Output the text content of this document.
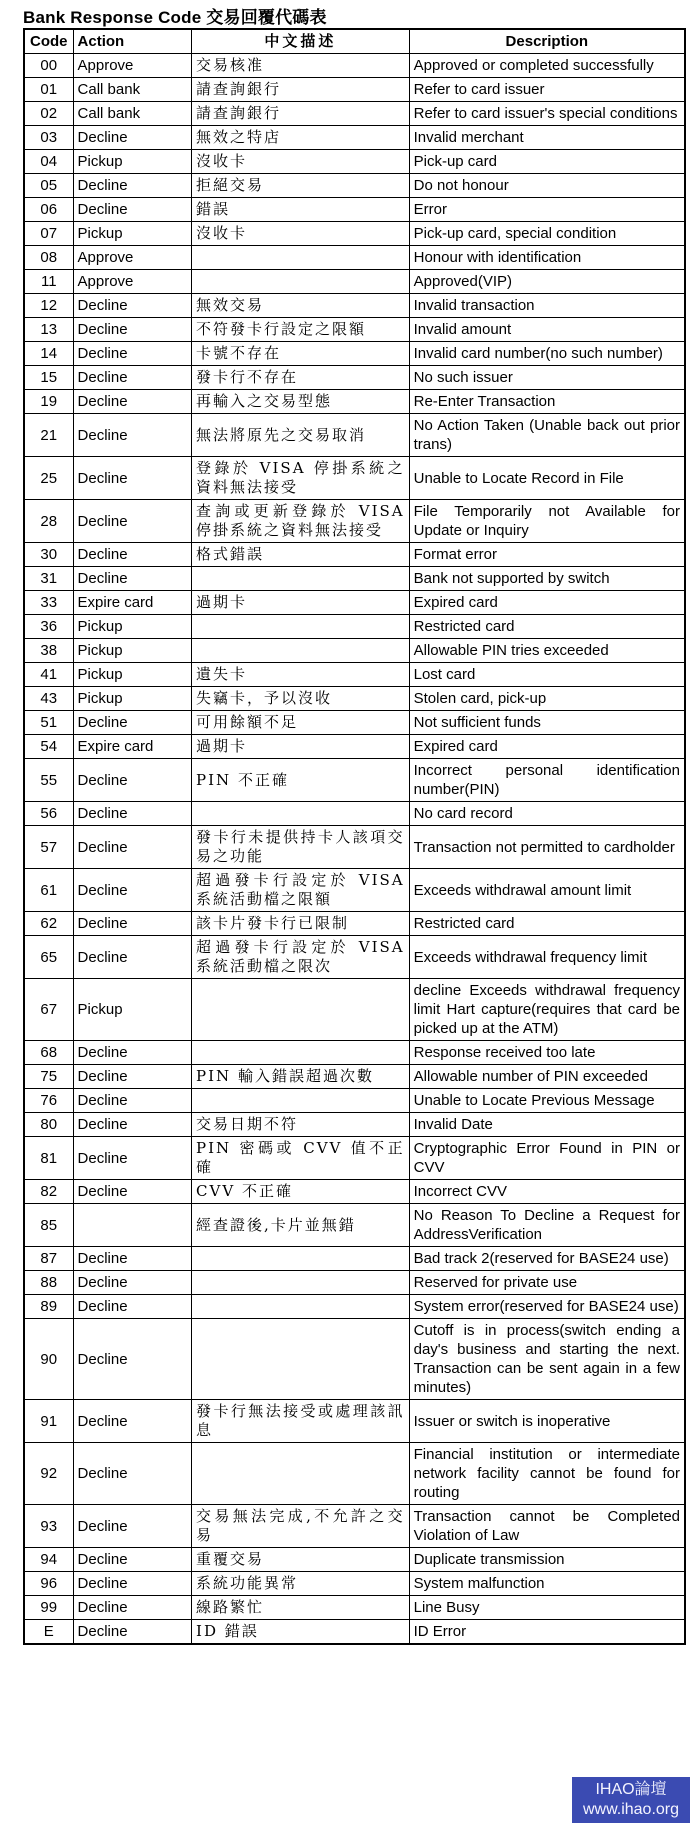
Bank Response Code 交易回覆代碼表
Code	Action	中文描述	Description
00	Approve	交易核准	Approved or completed successfully
01	Call bank	請查詢銀行	Refer to card issuer
02	Call bank	請查詢銀行	Refer to card issuer's special conditions
03	Decline	無效之特店	Invalid merchant
04	Pickup	沒收卡	Pick-up card
05	Decline	拒絕交易	Do not honour
06	Decline	錯誤	Error
07	Pickup	沒收卡	Pick-up card, special condition
08	Approve		Honour with identification
11	Approve		Approved(VIP)
12	Decline	無效交易	Invalid transaction
13	Decline	不符發卡行設定之限額	Invalid amount
14	Decline	卡號不存在	Invalid card number(no such number)
15	Decline	發卡行不存在	No such issuer
19	Decline	再輸入之交易型態	Re-Enter Transaction
21	Decline	無法將原先之交易取消	No Action Taken (Unable back out prior trans)
25	Decline	登錄於 VISA 停掛系統之資料無法接受	Unable to Locate Record in File
28	Decline	查詢或更新登錄於 VISA 停掛系統之資料無法接受	File Temporarily not Available for Update or Inquiry
30	Decline	格式錯誤	Format error
31	Decline		Bank not supported by switch
33	Expire card	過期卡	Expired card
36	Pickup		Restricted card
38	Pickup		Allowable PIN tries exceeded
41	Pickup	遺失卡	Lost card
43	Pickup	失竊卡，予以沒收	Stolen card, pick-up
51	Decline	可用餘額不足	Not sufficient funds
54	Expire card	過期卡	Expired card
55	Decline	PIN 不正確	Incorrect personal identification number(PIN)
56	Decline		No card record
57	Decline	發卡行未提供持卡人該項交易之功能	Transaction not permitted to cardholder
61	Decline	超過發卡行設定於 VISA 系統活動檔之限額	Exceeds withdrawal amount limit
62	Decline	該卡片發卡行已限制	Restricted card
65	Decline	超過發卡行設定於 VISA 系統活動檔之限次	Exceeds withdrawal frequency limit
67	Pickup		decline Exceeds withdrawal frequency limit Hart capture(requires that card be picked up at the ATM)
68	Decline		Response received too late
75	Decline	PIN 輸入錯誤超過次數	Allowable number of PIN exceeded
76	Decline		Unable to Locate Previous Message
80	Decline	交易日期不符	Invalid Date
81	Decline	PIN 密碼或 CVV 值不正確	Cryptographic Error Found in PIN or CVV
82	Decline	CVV 不正確	Incorrect CVV
85		經查證後,卡片並無錯	No Reason To Decline a Request for AddressVerification
87	Decline		Bad track 2(reserved for BASE24 use)
88	Decline		Reserved for private use
89	Decline		System error(reserved for BASE24 use)
90	Decline		Cutoff is in process(switch ending a day's business and starting the next. Transaction can be sent again in a few minutes)
91	Decline	發卡行無法接受或處理該訊息	Issuer or switch is inoperative
92	Decline		Financial institution or intermediate network facility cannot be found for routing
93	Decline	交易無法完成,不允許之交易	Transaction cannot be Completed Violation of Law
94	Decline	重覆交易	Duplicate transmission
96	Decline	系統功能異常	System malfunction
99	Decline	線路繁忙	Line Busy
E	Decline	ID 錯誤	ID Error
IHAO論壇
www.ihao.org
